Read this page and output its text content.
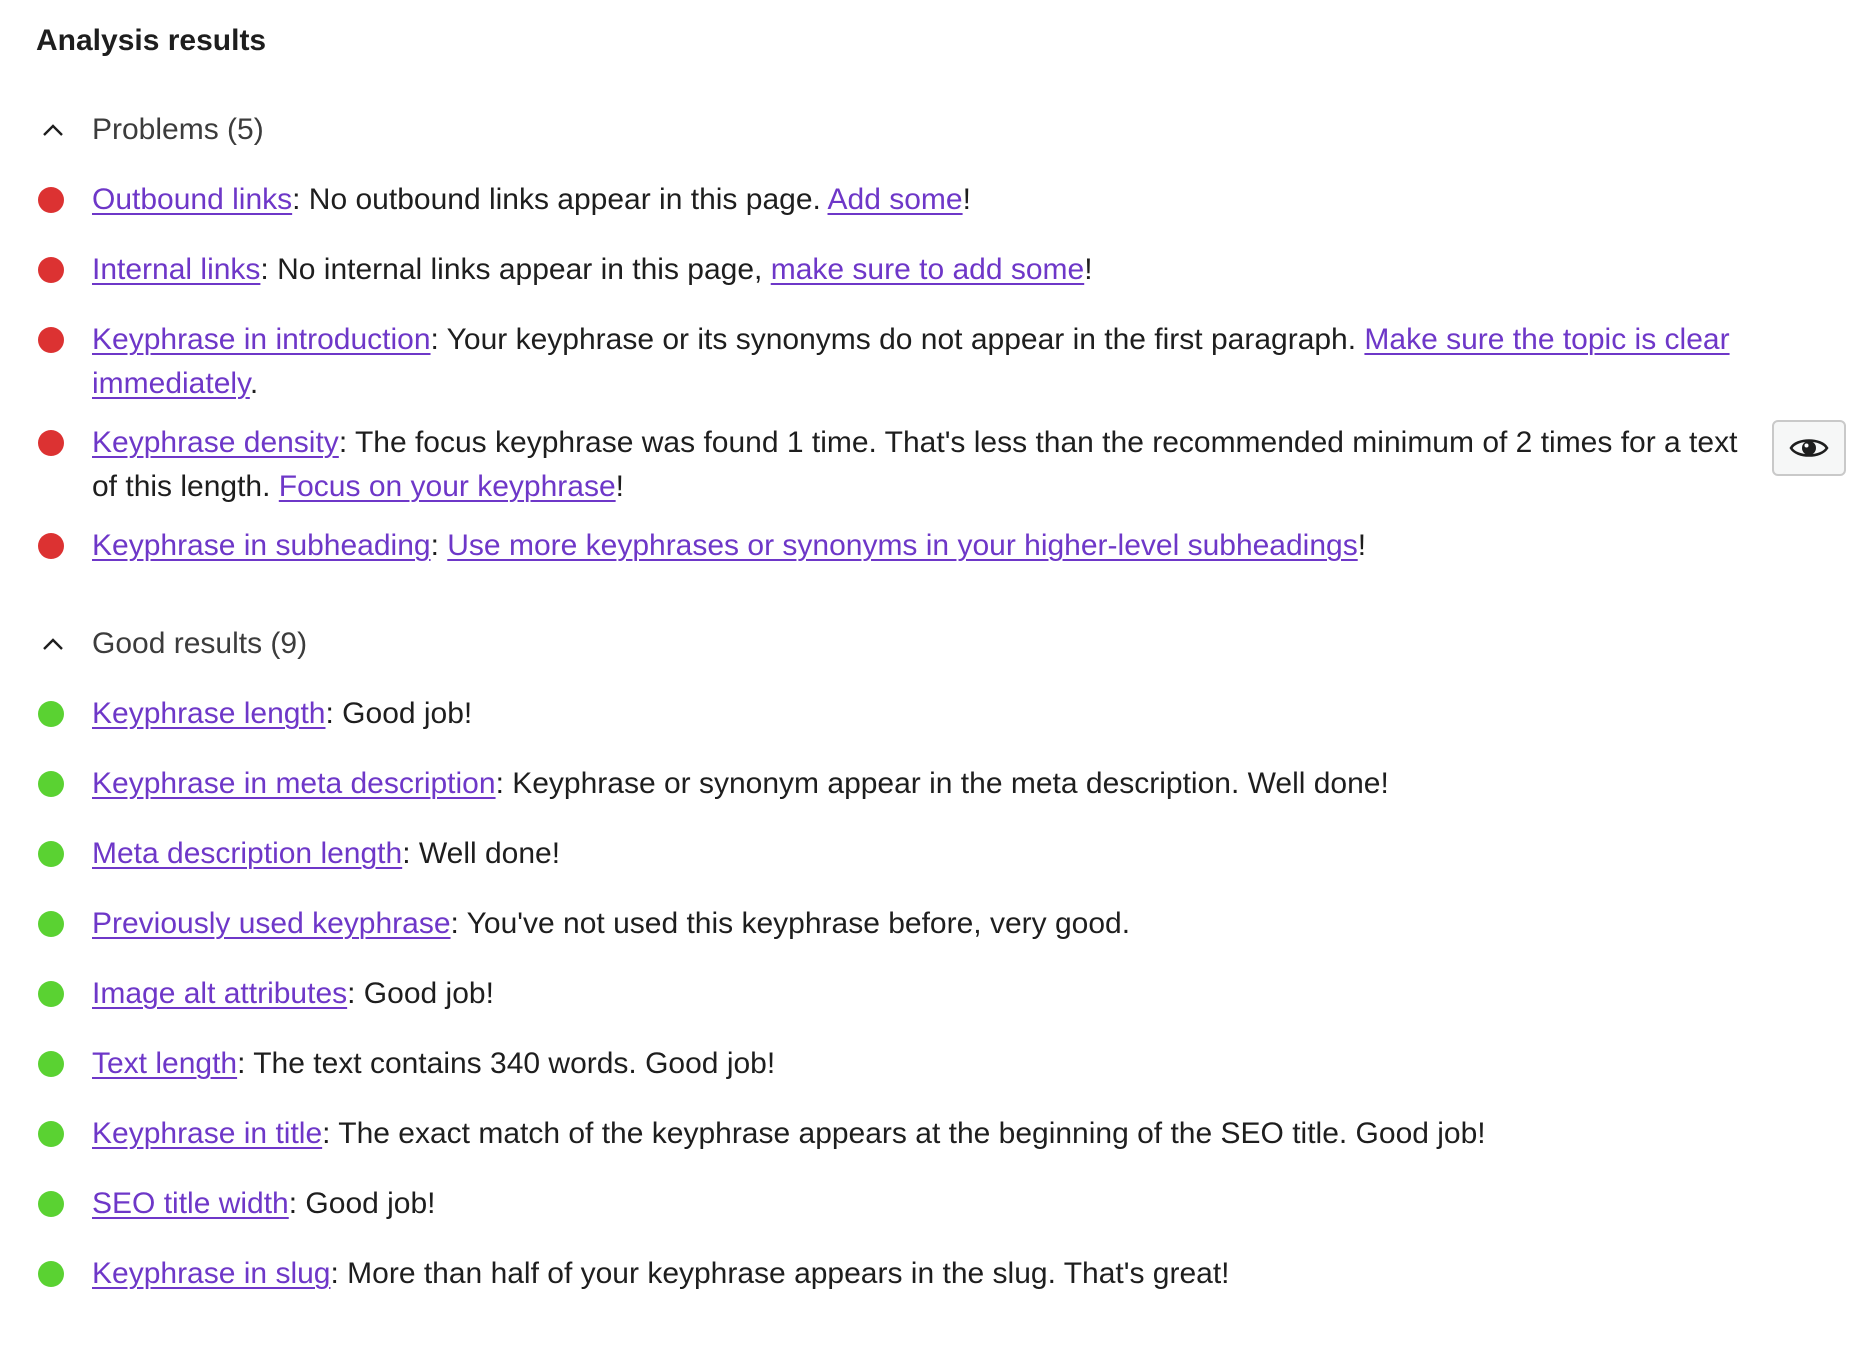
Analysis results
Problems (5)
Outbound links: No outbound links appear in this page. Add some!
Internal links: No internal links appear in this page, make sure to add some!
Keyphrase in introduction: Your keyphrase or its synonyms do not appear in the first paragraph. Make sure the topic is clear immediately.
Keyphrase density: The focus keyphrase was found 1 time. That's less than the recommended minimum of 2 times for a text of this length. Focus on your keyphrase!
Keyphrase in subheading: Use more keyphrases or synonyms in your higher-level subheadings!
Good results (9)
Keyphrase length: Good job!
Keyphrase in meta description: Keyphrase or synonym appear in the meta description. Well done!
Meta description length: Well done!
Previously used keyphrase: You've not used this keyphrase before, very good.
Image alt attributes: Good job!
Text length: The text contains 340 words. Good job!
Keyphrase in title: The exact match of the keyphrase appears at the beginning of the SEO title. Good job!
SEO title width: Good job!
Keyphrase in slug: More than half of your keyphrase appears in the slug. That's great!
